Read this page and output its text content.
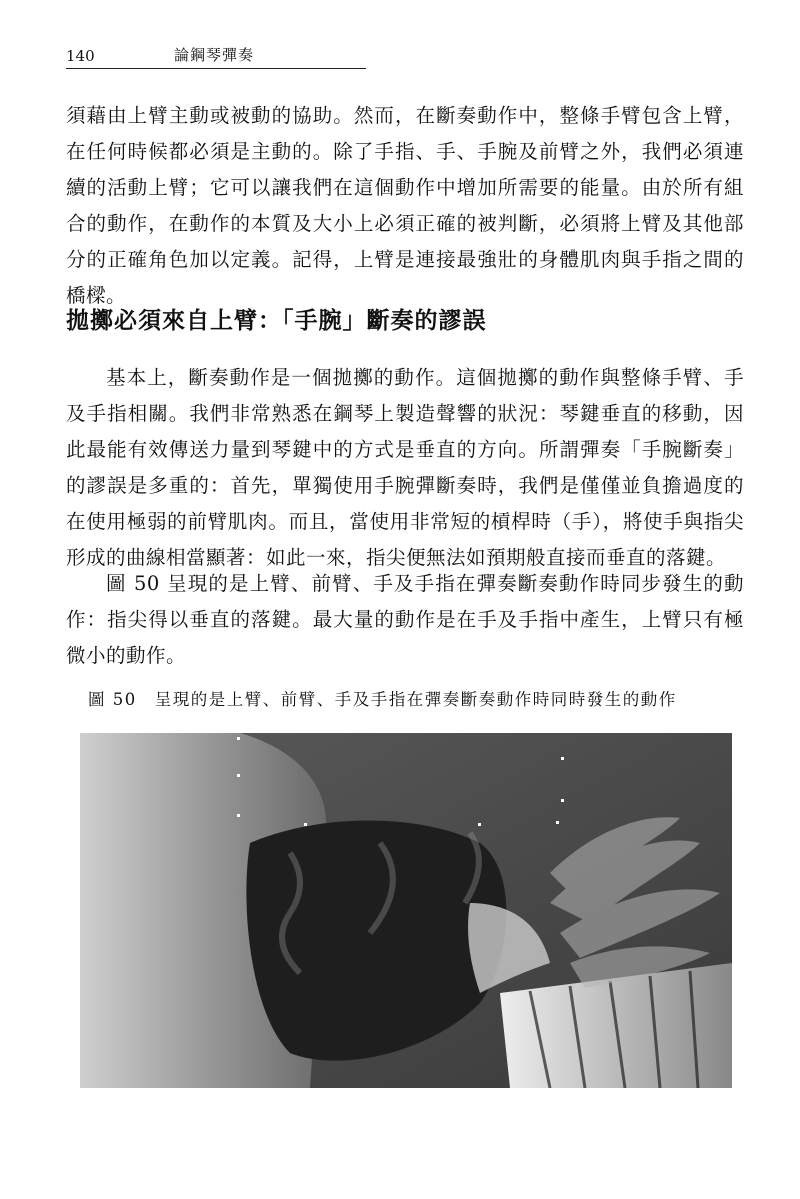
140	論鋼琴彈奏
須藉由上臂主動或被動的協助。然而，在斷奏動作中，整條手臂包含上臂，在任何時候都必須是主動的。除了手指、手、手腕及前臂之外，我們必須連續的活動上臂；它可以讓我們在這個動作中增加所需要的能量。由於所有組合的動作，在動作的本質及大小上必須正確的被判斷，必須將上臂及其他部分的正確角色加以定義。記得，上臂是連接最強壯的身體肌肉與手指之間的橋樑。
拋擲必須來自上臂：「手腕」斷奏的謬誤
基本上，斷奏動作是一個拋擲的動作。這個拋擲的動作與整條手臂、手及手指相關。我們非常熟悉在鋼琴上製造聲響的狀況：琴鍵垂直的移動，因此最能有效傳送力量到琴鍵中的方式是垂直的方向。所謂彈奏「手腕斷奏」的謬誤是多重的：首先，單獨使用手腕彈斷奏時，我們是僅僅並負擔過度的在使用極弱的前臂肌肉。而且，當使用非常短的槓桿時（手），將使手與指尖形成的曲線相當顯著：如此一來，指尖便無法如預期般直接而垂直的落鍵。
圖 50 呈現的是上臂、前臂、手及手指在彈奏斷奏動作時同步發生的動作：指尖得以垂直的落鍵。最大量的動作是在手及手指中產生，上臂只有極微小的動作。
圖 50　呈現的是上臂、前臂、手及手指在彈奏斷奏動作時同時發生的動作
